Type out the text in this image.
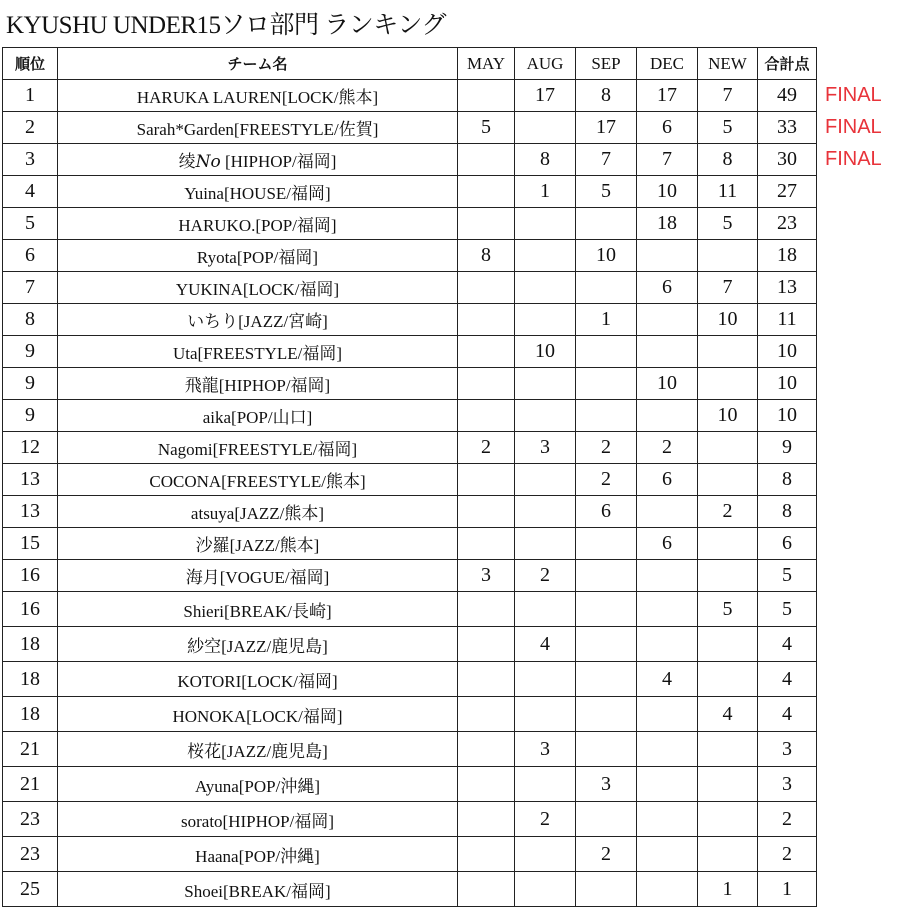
KYUSHU UNDER15ソロ部門 ランキング
順位	チーム名	MAY	AUG	SEP	DEC	NEW	合計点	
1	HARUKA LAUREN[LOCK/熊本]		17	8	17	7	49	FINAL
2	Sarah*Garden[FREESTYLE/佐賀]	5		17	6	5	33	FINAL
3	绫𝑁𝑜 [HIPHOP/福岡]		8	7	7	8	30	FINAL
4	Yuina[HOUSE/福岡]		1	5	10	11	27	
5	HARUKO.[POP/福岡]				18	5	23	
6	Ryota[POP/福岡]	8		10			18	
7	YUKINA[LOCK/福岡]				6	7	13	
8	いちり[JAZZ/宮崎]			1		10	11	
9	Uta[FREESTYLE/福岡]		10				10	
9	飛龍[HIPHOP/福岡]				10		10	
9	aika[POP/山口]					10	10	
12	Nagomi[FREESTYLE/福岡]	2	3	2	2		9	
13	COCONA[FREESTYLE/熊本]			2	6		8	
13	atsuya[JAZZ/熊本]			6		2	8	
15	沙羅[JAZZ/熊本]				6		6	
16	海月[VOGUE/福岡]	3	2				5	
16	Shieri[BREAK/長崎]					5	5	
18	紗空[JAZZ/鹿児島]		4				4	
18	KOTORI[LOCK/福岡]				4		4	
18	HONOKA[LOCK/福岡]					4	4	
21	桜花[JAZZ/鹿児島]		3				3	
21	Ayuna[POP/沖縄]			3			3	
23	sorato[HIPHOP/福岡]		2				2	
23	Haana[POP/沖縄]			2			2	
25	Shoei[BREAK/福岡]					1	1	
